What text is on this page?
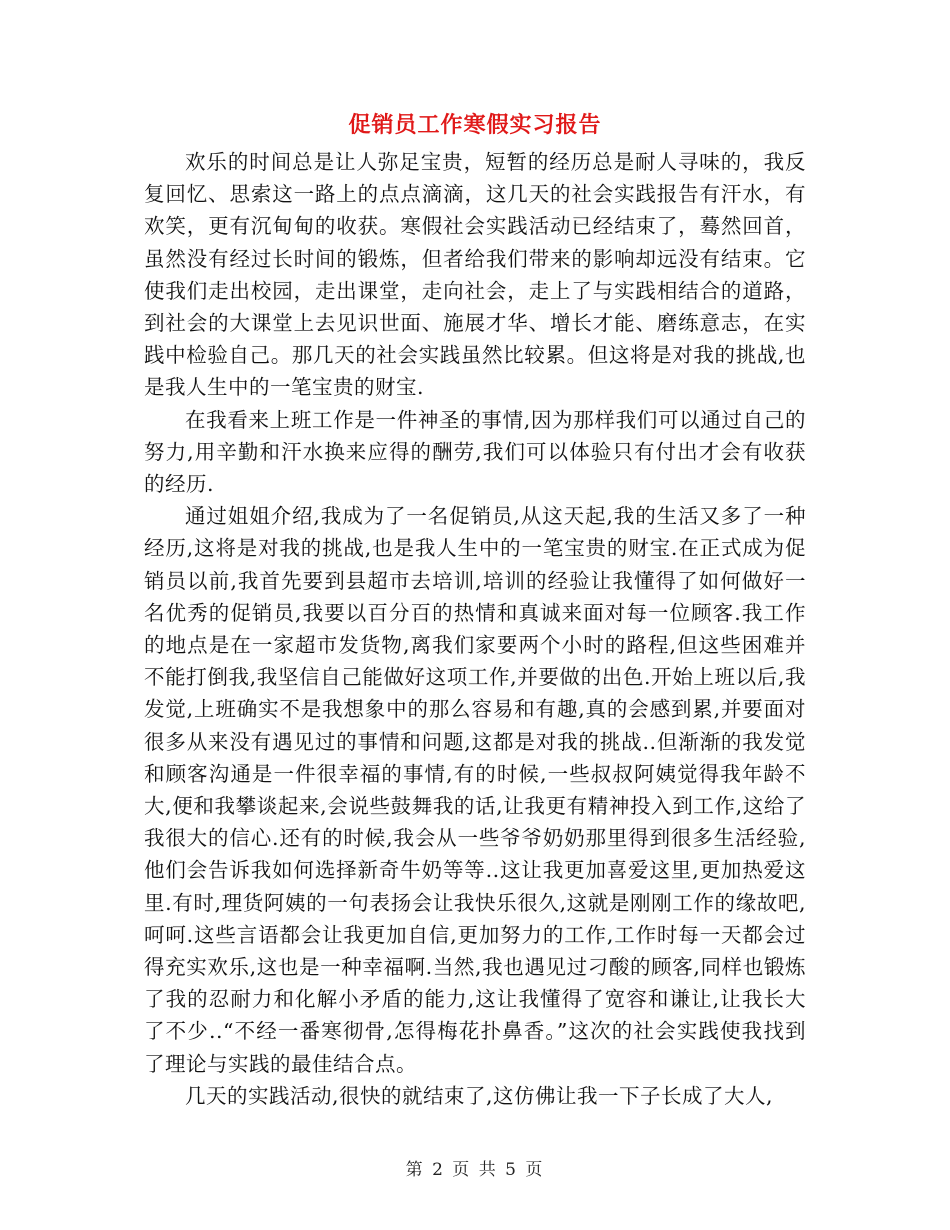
促销员工作寒假实习报告

欢乐的时间总是让人弥足宝贵，短暂的经历总是耐人寻味的，我反复回忆、思索这一路上的点点滴滴，这几天的社会实践报告有汗水，有欢笑，更有沉甸甸的收获。寒假社会实践活动已经结束了，蓦然回首，虽然没有经过长时间的锻炼，但者给我们带来的影响却远没有结束。它使我们走出校园，走出课堂，走向社会，走上了与实践相结合的道路，到社会的大课堂上去见识世面、施展才华、增长才能、磨练意志，在实践中检验自己。那几天的社会实践虽然比较累。但这将是对我的挑战,也是我人生中的一笔宝贵的财宝.

在我看来上班工作是一件神圣的事情,因为那样我们可以通过自己的努力,用辛勤和汗水换来应得的酬劳,我们可以体验只有付出才会有收获的经历.

通过姐姐介绍,我成为了一名促销员,从这天起,我的生活又多了一种经历,这将是对我的挑战,也是我人生中的一笔宝贵的财宝.在正式成为促销员以前,我首先要到县超市去培训,培训的经验让我懂得了如何做好一名优秀的促销员,我要以百分百的热情和真诚来面对每一位顾客.我工作的地点是在一家超市发货物,离我们家要两个小时的路程,但这些困难并不能打倒我,我坚信自己能做好这项工作,并要做的出色.开始上班以后,我发觉,上班确实不是我想象中的那么容易和有趣,真的会感到累,并要面对很多从来没有遇见过的事情和问题,这都是对我的挑战..但渐渐的我发觉和顾客沟通是一件很幸福的事情,有的时候,一些叔叔阿姨觉得我年龄不大,便和我攀谈起来,会说些鼓舞我的话,让我更有精神投入到工作,这给了我很大的信心.还有的时候,我会从一些爷爷奶奶那里得到很多生活经验,他们会告诉我如何选择新奇牛奶等等..这让我更加喜爱这里,更加热爱这里.有时,理货阿姨的一句表扬会让我快乐很久,这就是刚刚工作的缘故吧,呵呵.这些言语都会让我更加自信,更加努力的工作,工作时每一天都会过得充实欢乐,这也是一种幸福啊.当然,我也遇见过刁酸的顾客,同样也锻炼了我的忍耐力和化解小矛盾的能力,这让我懂得了宽容和谦让,让我长大了不少..“不经一番寒彻骨,怎得梅花扑鼻香。”这次的社会实践使我找到了理论与实践的最佳结合点。

几天的实践活动,很快的就结束了,这仿佛让我一下子长成了大人,

第 2 页 共 5 页
